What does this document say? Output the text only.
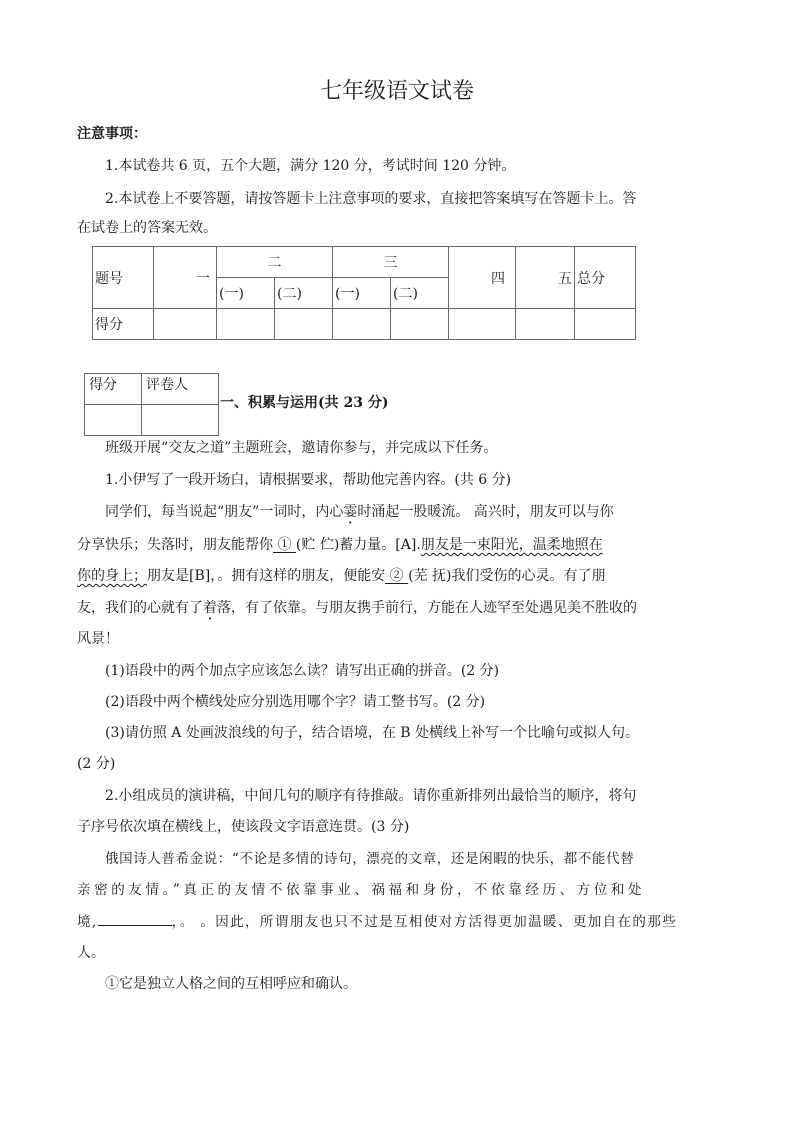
七年级语文试卷
注意事项：
1.本试卷共 6 页，五个大题，满分 120 分，考试时间 120 分钟。
2.本试卷上不要答题，请按答题卡上注意事项的要求，直接把答案填写在答题卡上。答
在试卷上的答案无效。
题号	一	二		三		四	五	总分
		(一)	(二)	(一)	(二)			
得分								
得分	评卷人

一、积累与运用(共 23 分)
班级开展“交友之道”主题班会，邀请你参与，并完成以下任务。
1.小伊写了一段开场白，请根据要求，帮助他完善内容。(共 6 分)
同学们，每当说起“朋友”一词时，内心霎时涌起一股暖流。 高兴时，朋友可以与你
分享快乐；失落时，朋友能帮你 ① (贮 伫)蓄力量。[A].朋友是一束阳光，温柔地照在
你的身上；朋友是[B]，。拥有这样的朋友，便能安 ② (芜 抚)我们受伤的心灵。有了朋
友，我们的心就有了着落，有了依靠。与朋友携手前行，方能在人迹罕至处遇见美不胜收的
风景！
(1)语段中的两个加点字应该怎么读？请写出正确的拼音。(2 分)
(2)语段中两个横线处应分别选用哪个字？请工整书写。(2 分)
(3)请仿照 A 处画波浪线的句子，结合语境，在 B 处横线上补写一个比喻句或拟人句。
(2 分)
2.小组成员的演讲稿，中间几句的顺序有待推敲。请你重新排列出最恰当的顺序，将句
子序号依次填在横线上，使该段文字语意连贯。(3 分)
俄国诗人普希金说：“不论是多情的诗句，漂亮的文章，还是闲暇的快乐，都不能代替
亲密的友情。”真正的友情不依靠事业、祸福和身份，不依靠经历、方位和处
境,	，。 。因此，所谓朋友也只不过是互相使对方活得更加温暖、更加自在的那些
人。
①它是独立人格之间的互相呼应和确认。
